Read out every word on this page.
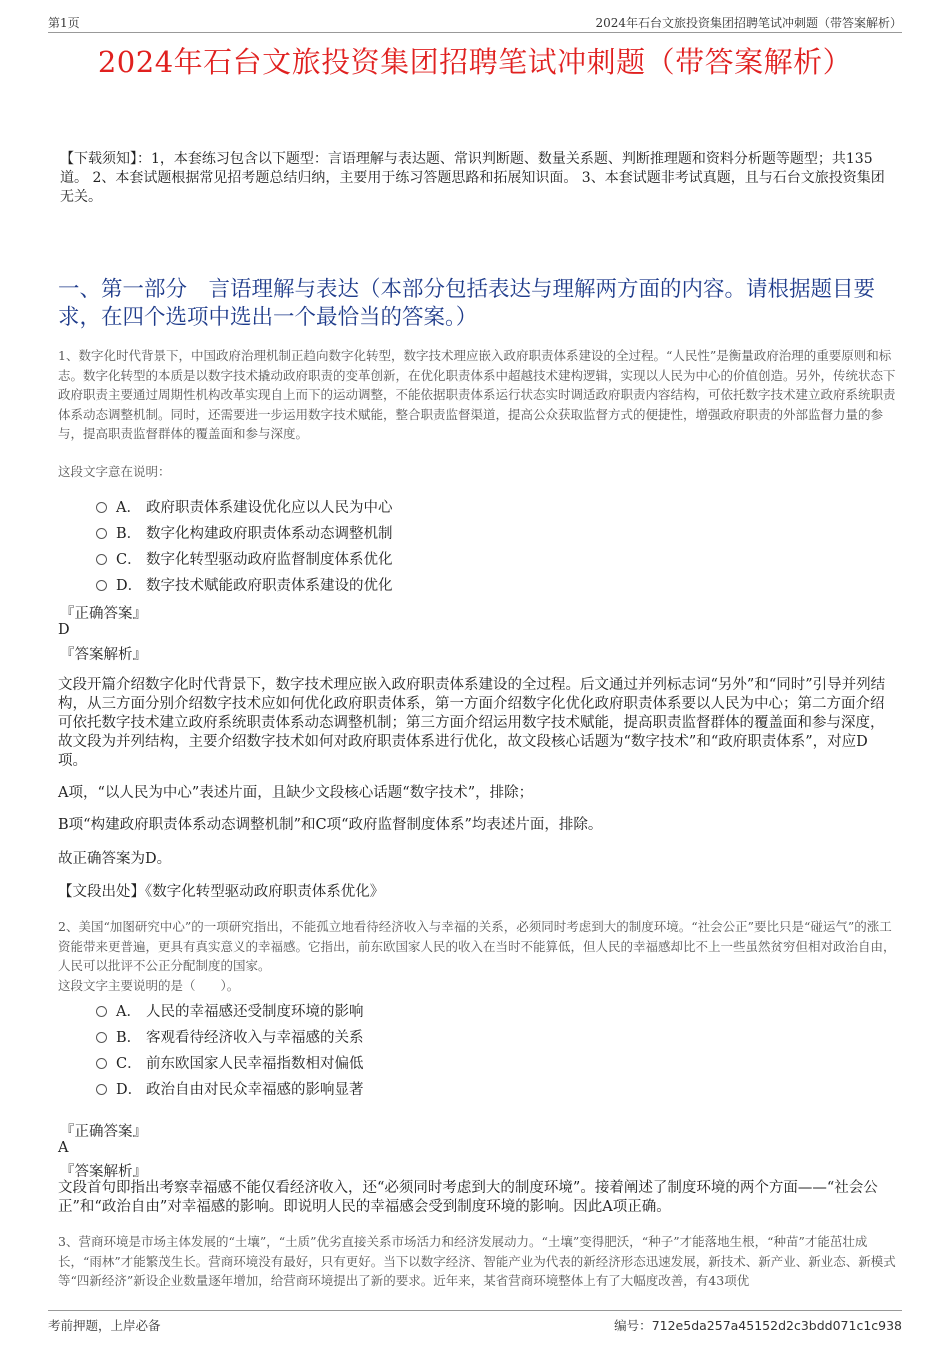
第1页	2024年石台文旅投资集团招聘笔试冲刺题（带答案解析）
2024年石台文旅投资集团招聘笔试冲刺题（带答案解析）
【下载须知】：1，本套练习包含以下题型：言语理解与表达题、常识判断题、数量关系题、判断推理题和资料分析题等题型；共135道。 2、本套试题根据常见招考题总结归纳，主要用于练习答题思路和拓展知识面。 3、本套试题非考试真题，且与石台文旅投资集团无关。
一、第一部分　言语理解与表达（本部分包括表达与理解两方面的内容。请根据题目要求，在四个选项中选出一个最恰当的答案。）
1、数字化时代背景下，中国政府治理机制正趋向数字化转型，数字技术理应嵌入政府职责体系建设的全过程。“人民性”是衡量政府治理的重要原则和标志。数字化转型的本质是以数字技术撬动政府职责的变革创新，在优化职责体系中超越技术建构逻辑，实现以人民为中心的价值创造。另外，传统状态下政府职责主要通过周期性机构改革实现自上而下的运动调整，不能依据职责体系运行状态实时调适政府职责内容结构，可依托数字技术建立政府系统职责体系动态调整机制。同时，还需要进一步运用数字技术赋能，整合职责监督渠道，提高公众获取监督方式的便捷性，增强政府职责的外部监督力量的参与，提高职责监督群体的覆盖面和参与深度。
这段文字意在说明：
A． 政府职责体系建设优化应以人民为中心
B． 数字化构建政府职责体系动态调整机制
C． 数字化转型驱动政府监督制度体系优化
D． 数字技术赋能政府职责体系建设的优化
『正确答案』
D
『答案解析』
文段开篇介绍数字化时代背景下，数字技术理应嵌入政府职责体系建设的全过程。后文通过并列标志词“另外”和“同时”引导并列结构，从三方面分别介绍数字技术应如何优化政府职责体系，第一方面介绍数字化优化政府职责体系要以人民为中心；第二方面介绍可依托数字技术建立政府系统职责体系动态调整机制；第三方面介绍运用数字技术赋能，提高职责监督群体的覆盖面和参与深度，故文段为并列结构，主要介绍数字技术如何对政府职责体系进行优化，故文段核心话题为“数字技术”和“政府职责体系”，对应D项。
A项，“以人民为中心”表述片面，且缺少文段核心话题“数字技术”，排除；
B项“构建政府职责体系动态调整机制”和C项“政府监督制度体系”均表述片面，排除。
故正确答案为D。
【文段出处】《数字化转型驱动政府职责体系优化》
2、美国“加图研究中心”的一项研究指出，不能孤立地看待经济收入与幸福的关系，必须同时考虑到大的制度环境。“社会公正”要比只是“碰运气”的涨工资能带来更普遍，更具有真实意义的幸福感。它指出，前东欧国家人民的收入在当时不能算低，但人民的幸福感却比不上一些虽然贫穷但相对政治自由，人民可以批评不公正分配制度的国家。
这段文字主要说明的是（　　）。
A． 人民的幸福感还受制度环境的影响
B． 客观看待经济收入与幸福感的关系
C． 前东欧国家人民幸福指数相对偏低
D． 政治自由对民众幸福感的影响显著
『正确答案』
A
『答案解析』
文段首句即指出考察幸福感不能仅看经济收入，还“必须同时考虑到大的制度环境”。接着阐述了制度环境的两个方面——“社会公正”和“政治自由”对幸福感的影响。即说明人民的幸福感会受到制度环境的影响。因此A项正确。
3、营商环境是市场主体发展的“土壤”，“土质”优劣直接关系市场活力和经济发展动力。“土壤”变得肥沃，“种子”才能落地生根，“种苗”才能茁壮成长，“雨林”才能繁茂生长。营商环境没有最好，只有更好。当下以数字经济、智能产业为代表的新经济形态迅速发展，新技术、新产业、新业态、新模式等“四新经济”新设企业数量逐年增加，给营商环境提出了新的要求。近年来，某省营商环境整体上有了大幅度改善，有43项优
考前押题，上岸必备	编号：712e5da257a45152d2c3bdd071c1c938
